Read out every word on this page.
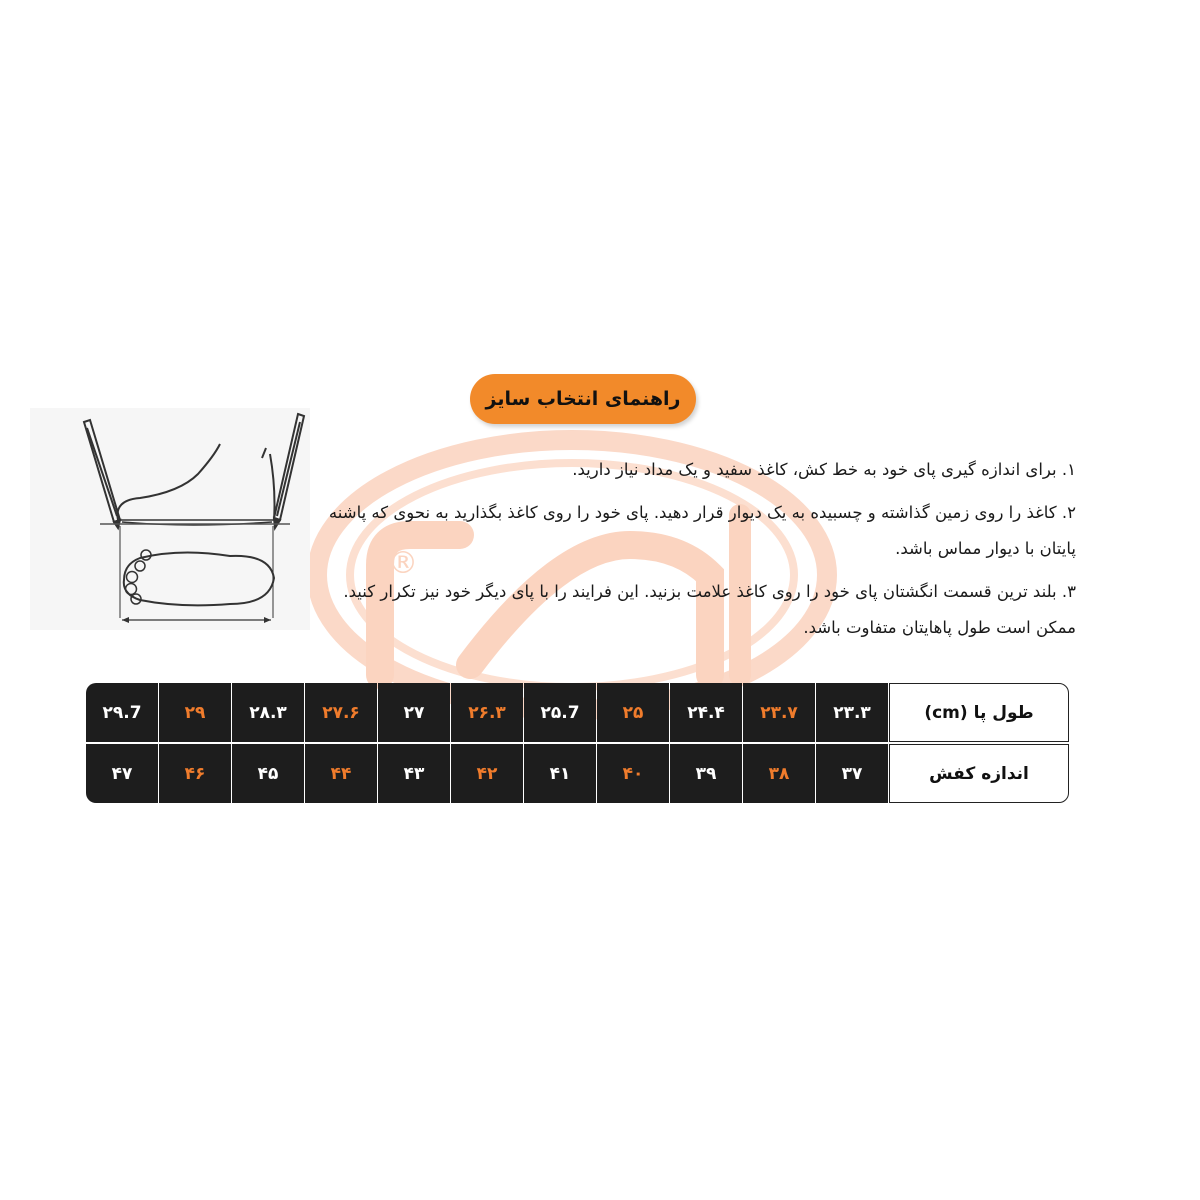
®
راهنمای انتخاب سایز

۱. برای اندازه گیری پای خود به خط کش، کاغذ سفید و یک مداد نیاز دارید.

۲. کاغذ را روی زمین گذاشته و چسبیده به یک دیوار قرار دهید. پای خود را روی کاغذ بگذارید به نحوی که پاشنه پایتان با دیوار مماس باشد.

۳. بلند ترین قسمت انگشتان پای خود را روی کاغذ علامت بزنید. این فرایند را با پای دیگر خود نیز تکرار کنید. ممکن است طول پاهایتان متفاوت باشد.

طول پا (cm)
۲۳.۳
۲۳.۷
۲۴.۴
۲۵
۲۵.7
۲۶.۳
۲۷
۲۷.۶
۲۸.۳
۲۹
۲۹.7
اندازه کفش
۳۷
۳۸
۳۹
۴۰
۴۱
۴۲
۴۳
۴۴
۴۵
۴۶
۴۷
